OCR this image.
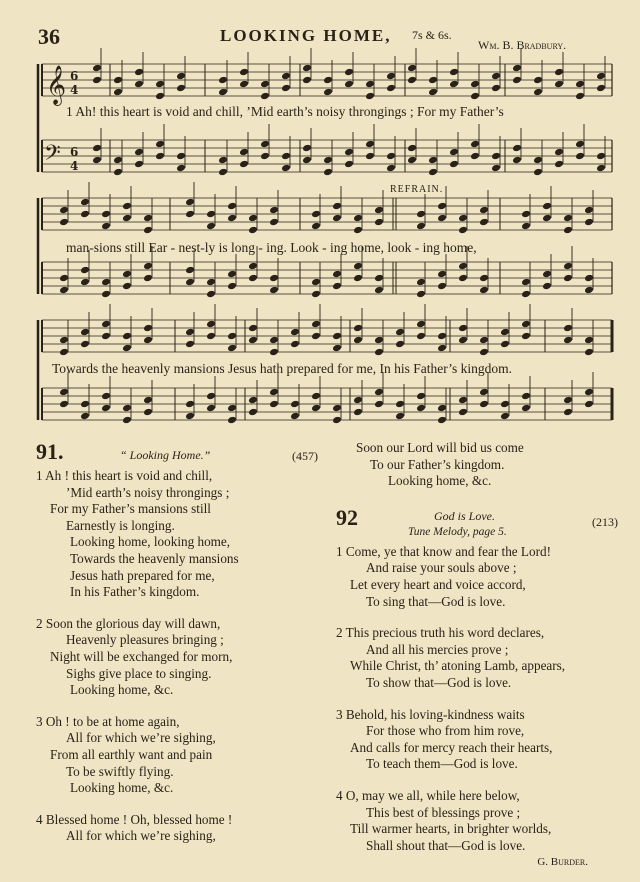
36	LOOKING HOME, 7s & 6s.
Wm. B. Bradbury.
𝄞
𝄢
6
4
6
4
1 Ah! this heart is void and chill, ’Mid earth’s noisy throngings ; For my Father’s
REFRAIN.
man-sions still Ear - nest-ly is long - ing. Look - ing home, look - ing home,
Towards the heavenly mansions Jesus hath prepared for me, In his Father’s kingdom.
91.	“ Looking Home.”	(457)
1 Ah ! this heart is void and chill,
’Mid earth’s noisy throngings ;
For my Father’s mansions still
Earnestly is longing.
Looking home, looking home,
Towards the heavenly mansions
Jesus hath prepared for me,
In his Father’s kingdom.
2 Soon the glorious day will dawn,
Heavenly pleasures bringing ;
Night will be exchanged for morn,
Sighs give place to singing.
Looking home, &c.
3 Oh ! to be at home again,
All for which we’re sighing,
From all earthly want and pain
To be swiftly flying.
Looking home, &c.
4 Blessed home ! Oh, blessed home !
All for which we’re sighing,
Soon our Lord will bid us come
To our Father’s kingdom.
Looking home, &c.
92	God is Love.
Tune Melody, page 5.
(213)
1 Come, ye that know and fear the Lord!
And raise your souls above ;
Let every heart and voice accord,
To sing that—God is love.
2 This precious truth his word declares,
And all his mercies prove ;
While Christ, th’ atoning Lamb, appears,
To show that—God is love.
3 Behold, his loving-kindness waits
For those who from him rove,
And calls for mercy reach their hearts,
To teach them—God is love.
4 O, may we all, while here below,
This best of blessings prove ;
Till warmer hearts, in brighter worlds,
Shall shout that—God is love.
G. Burder.
